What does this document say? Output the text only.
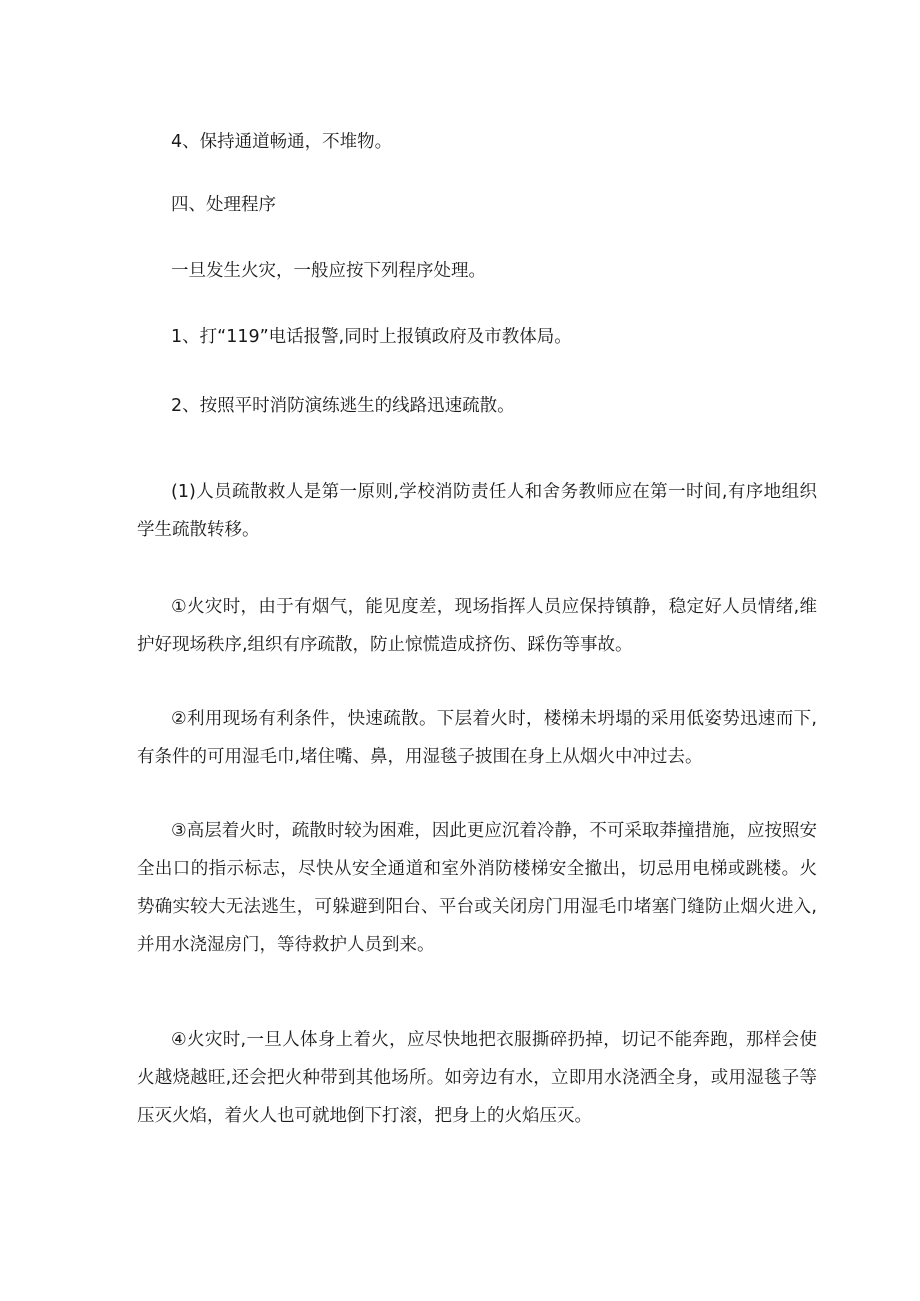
4、保持通道畅通，不堆物。

四、处理程序

一旦发生火灾，一般应按下列程序处理。

1、打“119”电话报警,同时上报镇政府及市教体局。

2、按照平时消防演练逃生的线路迅速疏散。

(1)人员疏散救人是第一原则,学校消防责任人和舍务教师应在第一时间,有序地组织学生疏散转移。

①火灾时，由于有烟气，能见度差，现场指挥人员应保持镇静，稳定好人员情绪,维护好现场秩序,组织有序疏散，防止惊慌造成挤伤、踩伤等事故。

②利用现场有利条件，快速疏散。下层着火时，楼梯未坍塌的采用低姿势迅速而下,有条件的可用湿毛巾,堵住嘴、鼻，用湿毯子披围在身上从烟火中冲过去。

③高层着火时，疏散时较为困难，因此更应沉着冷静，不可采取莽撞措施，应按照安全出口的指示标志，尽快从安全通道和室外消防楼梯安全撤出，切忌用电梯或跳楼。火势确实较大无法逃生，可躲避到阳台、平台或关闭房门用湿毛巾堵塞门缝防止烟火进入,并用水浇湿房门，等待救护人员到来。

④火灾时,一旦人体身上着火，应尽快地把衣服撕碎扔掉，切记不能奔跑，那样会使火越烧越旺,还会把火种带到其他场所。如旁边有水，立即用水浇洒全身，或用湿毯子等压灭火焰，着火人也可就地倒下打滚，把身上的火焰压灭。
